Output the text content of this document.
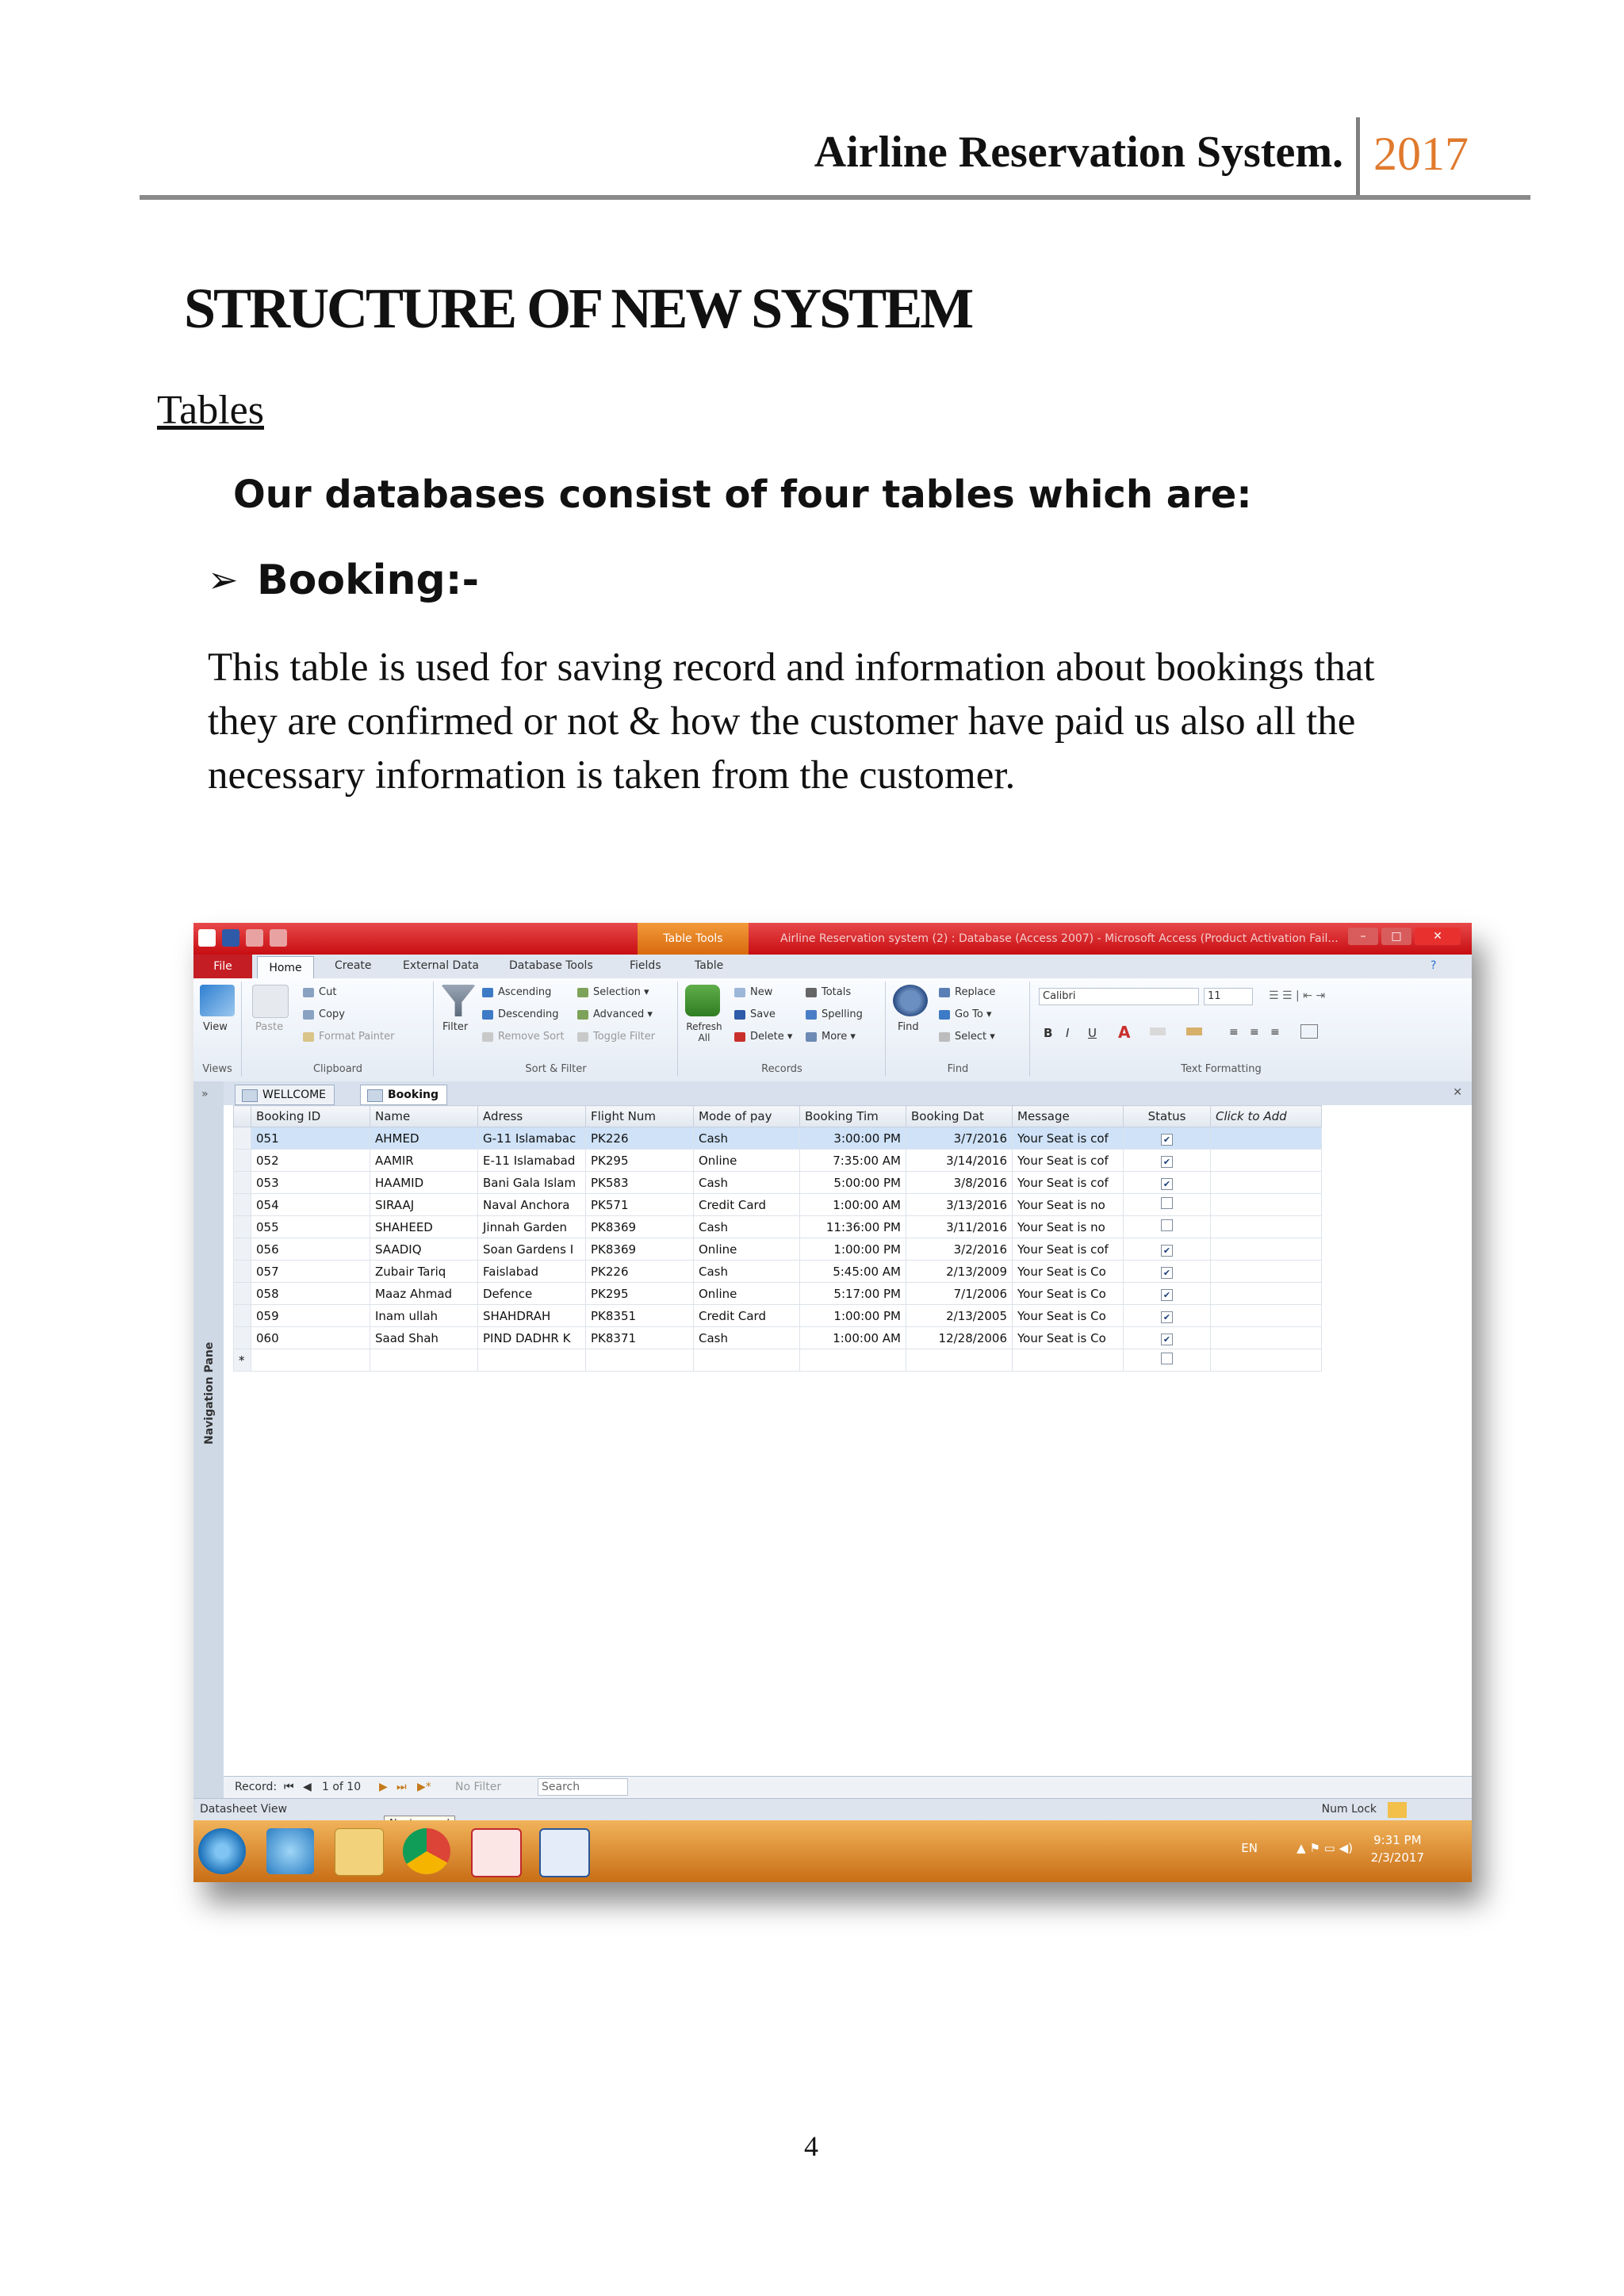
Airline Reservation System. 2017
STRUCTURE OF NEW SYSTEM
Tables
Our databases consist of four tables which are:
➢ Booking:-
This table is used for saving record and information about bookings that
they are confirmed or not & how the customer have paid us also all the
necessary information is taken from the customer.
Table Tools	Airline Reservation system (2) : Database (Access 2007) - Microsoft Access (Product Activation Fail...	–	□	✕
File	Home	Create	External Data	Database Tools	Fields	Table	?
View
Views
Paste
Cut
Copy
Format Painter
Clipboard
Filter
Ascending
Descending
Remove Sort
Selection ▾
Advanced ▾
Toggle Filter
Sort & Filter
Refresh All
New
Save
Delete ▾
Totals
Spelling
More ▾
Records
Find
Replace
Go To ▾
Select ▾
Find
Calibri	11
B I U A	≡ ≡ ≡
☰ ☰ | ⇤ ⇥
Text Formatting
»
Navigation Pane
WELLCOME	Booking	✕
	Booking ID	Name	Adress	Flight Num	Mode of pay	Booking Tim	Booking Dat	Message	Status	Click to Add
	051	AHMED	G-11 Islamabac	PK226	Cash	3:00:00 PM	3/7/2016	Your Seat is cof	✔	
	052	AAMIR	E-11 Islamabad	PK295	Online	7:35:00 AM	3/14/2016	Your Seat is cof	✔	
	053	HAAMID	Bani Gala Islam	PK583	Cash	5:00:00 PM	3/8/2016	Your Seat is cof	✔	
	054	SIRAAJ	Naval Anchora	PK571	Credit Card	1:00:00 AM	3/13/2016	Your Seat is no		
	055	SHAHEED	Jinnah Garden	PK8369	Cash	11:36:00 PM	3/11/2016	Your Seat is no		
	056	SAADIQ	Soan Gardens I	PK8369	Online	1:00:00 PM	3/2/2016	Your Seat is cof	✔	
	057	Zubair Tariq	Faislabad	PK226	Cash	5:45:00 AM	2/13/2009	Your Seat is Co	✔	
	058	Maaz Ahmad	Defence	PK295	Online	5:17:00 PM	7/1/2006	Your Seat is Co	✔	
	059	Inam ullah	SHAHDRAH	PK8351	Credit Card	1:00:00 PM	2/13/2005	Your Seat is Co	✔	
	060	Saad Shah	PIND DADHR K	PK8371	Cash	1:00:00 AM	12/28/2006	Your Seat is Co	✔	
*										
Record: ⏮ ◀ 1 of 10 ▶ ⏭ ▶* No Filter	Search
Datasheet View	Num Lock
EN	▲ ⚑ ▭ ◀)
9:31 PM
2/3/2017
4
